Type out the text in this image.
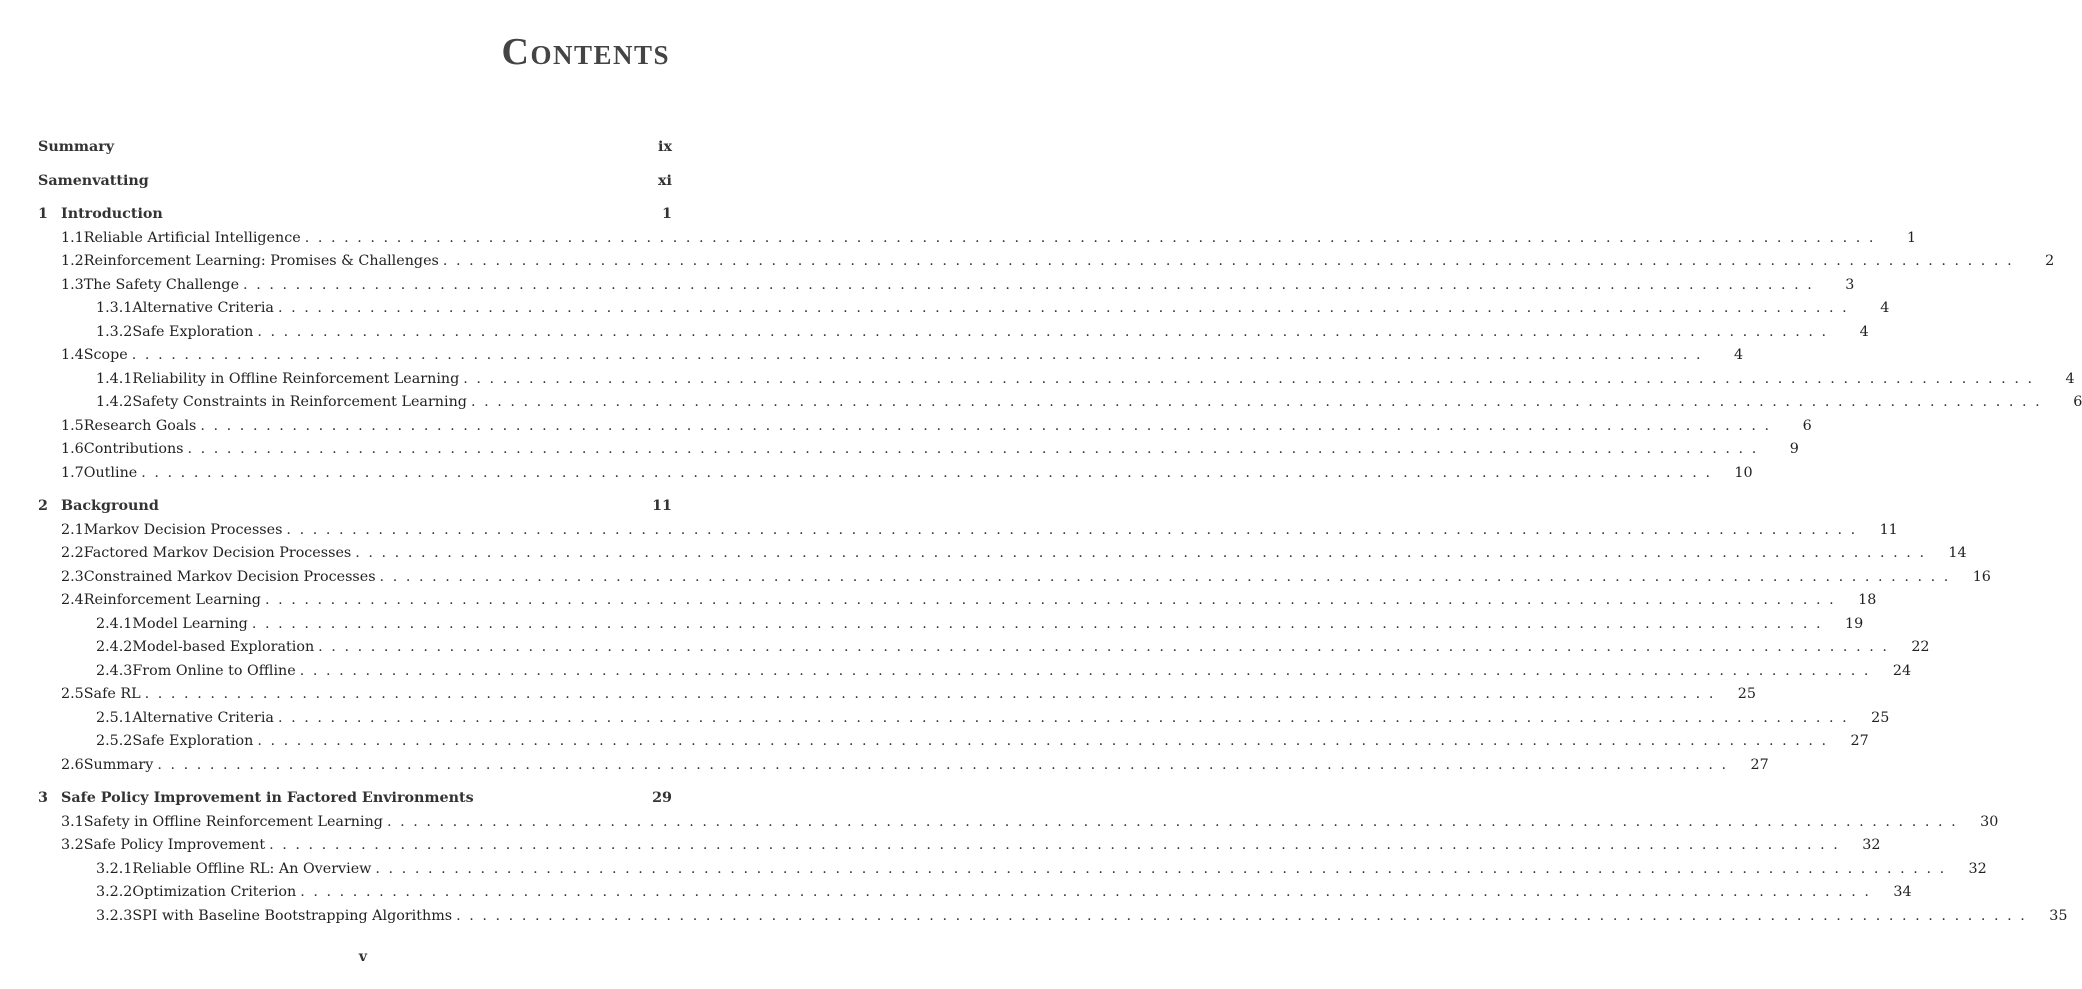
Contents
Summary	ix
Samenvatting	xi
1 Introduction	1
1.1 Reliable Artificial Intelligence ........................................................................................................................	1
1.2 Reinforcement Learning: Promises & Challenges ........................................................................................................................	2
1.3 The Safety Challenge ........................................................................................................................	3
1.3.1 Alternative Criteria ........................................................................................................................	4
1.3.2 Safe Exploration ........................................................................................................................	4
1.4 Scope ........................................................................................................................	4
1.4.1 Reliability in Offline Reinforcement Learning ........................................................................................................................	4
1.4.2 Safety Constraints in Reinforcement Learning ........................................................................................................................	6
1.5 Research Goals ........................................................................................................................	6
1.6 Contributions ........................................................................................................................	9
1.7 Outline ........................................................................................................................ 10
2 Background	11
2.1 Markov Decision Processes ........................................................................................................................ 11
2.2 Factored Markov Decision Processes ........................................................................................................................ 14
2.3 Constrained Markov Decision Processes ........................................................................................................................ 16
2.4 Reinforcement Learning ........................................................................................................................ 18
2.4.1 Model Learning ........................................................................................................................ 19
2.4.2 Model-based Exploration ........................................................................................................................ 22
2.4.3 From Online to Offline ........................................................................................................................ 24
2.5 Safe RL ........................................................................................................................ 25
2.5.1 Alternative Criteria ........................................................................................................................ 25
2.5.2 Safe Exploration ........................................................................................................................ 27
2.6 Summary ........................................................................................................................ 27
3 Safe Policy Improvement in Factored Environments	29
3.1 Safety in Offline Reinforcement Learning ........................................................................................................................ 30
3.2 Safe Policy Improvement ........................................................................................................................ 32
3.2.1 Reliable Offline RL: An Overview ........................................................................................................................ 32
3.2.2 Optimization Criterion ........................................................................................................................ 34
3.2.3 SPI with Baseline Bootstrapping Algorithms ........................................................................................................................ 35
v
